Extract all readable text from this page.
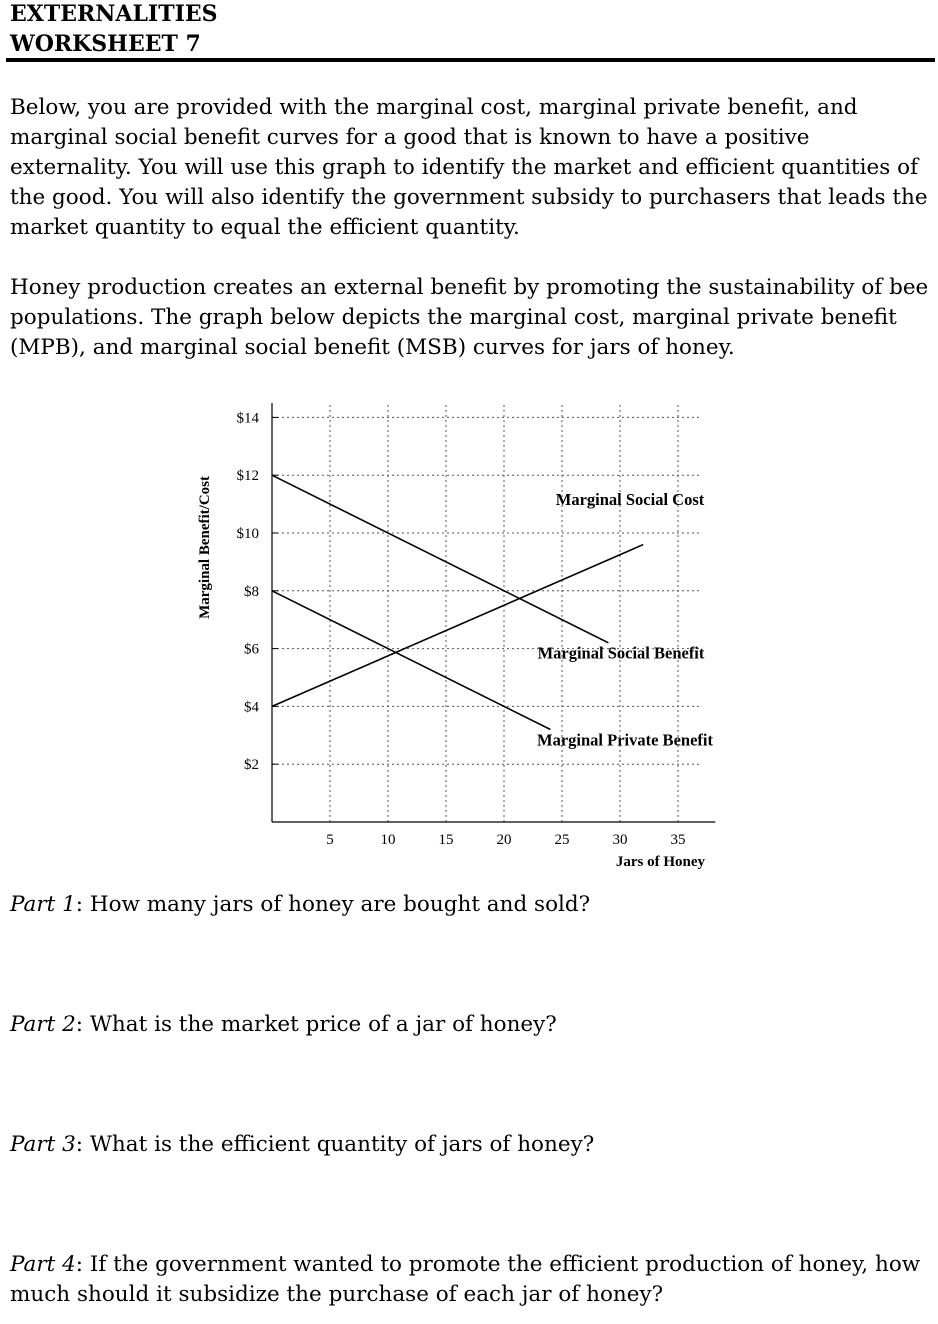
EXTERNALITIES
WORKSHEET 7

Below, you are provided with the marginal cost, marginal private benefit, and marginal social benefit curves for a good that is known to have a positive externality. You will use this graph to identify the market and efficient quantities of the good. You will also identify the government subsidy to purchasers that leads the market quantity to equal the efficient quantity.

Honey production creates an external benefit by promoting the sustainability of bee populations. The graph below depicts the marginal cost, marginal private benefit (MPB), and marginal social benefit (MSB) curves for jars of honey.

$2
$4
$6
$8
$10
$12
$14
5	10	15	20	25	30	35
Marginal Benefit/Cost
Jars of Honey
Marginal Social Cost
Marginal Social Benefit
Marginal Private Benefit

Part 1: How many jars of honey are bought and sold?

Part 2: What is the market price of a jar of honey?

Part 3: What is the efficient quantity of jars of honey?

Part 4: If the government wanted to promote the efficient production of honey, how much should it subsidize the purchase of each jar of honey?
